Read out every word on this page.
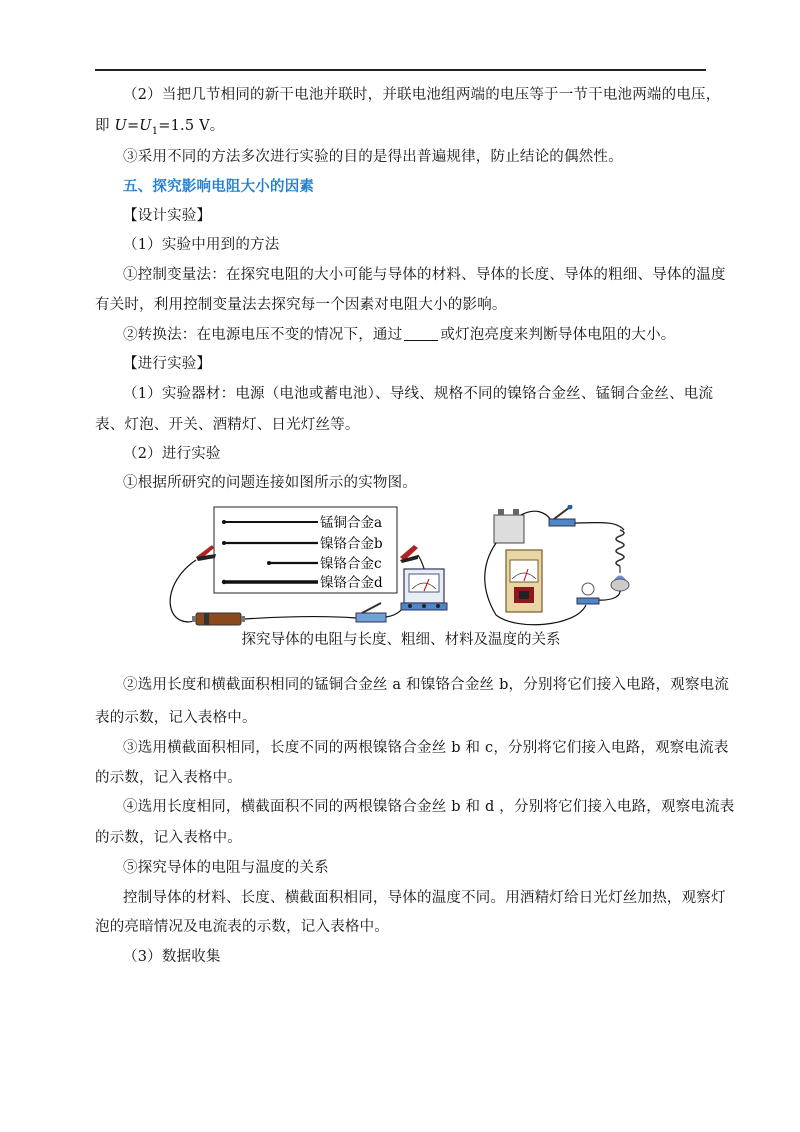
（2）当把几节相同的新干电池并联时，并联电池组两端的电压等于一节干电池两端的电压，
即 $U=U_1=1.5$ V。
③采用不同的方法多次进行实验的目的是得出普遍规律，防止结论的偶然性。
五、探究影响电阻大小的因素
【设计实验】
（1）实验中用到的方法
①控制变量法：在探究电阻的大小可能与导体的材料、导体的长度、导体的粗细、导体的温度
有关时，利用控制变量法去探究每一个因素对电阻大小的影响。
②转换法：在电源电压不变的情况下，通过	或灯泡亮度来判断导体电阻的大小。
【进行实验】
（1）实验器材：电源（电池或蓄电池）、导线、规格不同的镍铬合金丝、锰铜合金丝、电流
表、灯泡、开关、酒精灯、日光灯丝等。
（2）进行实验
①根据所研究的问题连接如图所示的实物图。
锰铜合金a
镍铬合金b
镍铬合金c
镍铬合金d
探究导体的电阻与长度、粗细、材料及温度的关系
②选用长度和横截面积相同的锰铜合金丝 a 和镍铬合金丝 b，分别将它们接入电路，观察电流
表的示数，记入表格中。
③选用横截面积相同，长度不同的两根镍铬合金丝 b 和 c，分别将它们接入电路，观察电流表
的示数，记入表格中。
④选用长度相同，横截面积不同的两根镍铬合金丝 b 和 d ，分别将它们接入电路，观察电流表
的示数，记入表格中。
⑤探究导体的电阻与温度的关系
控制导体的材料、长度、横截面积相同，导体的温度不同。用酒精灯给日光灯丝加热，观察灯
泡的亮暗情况及电流表的示数，记入表格中。
（3）数据收集
